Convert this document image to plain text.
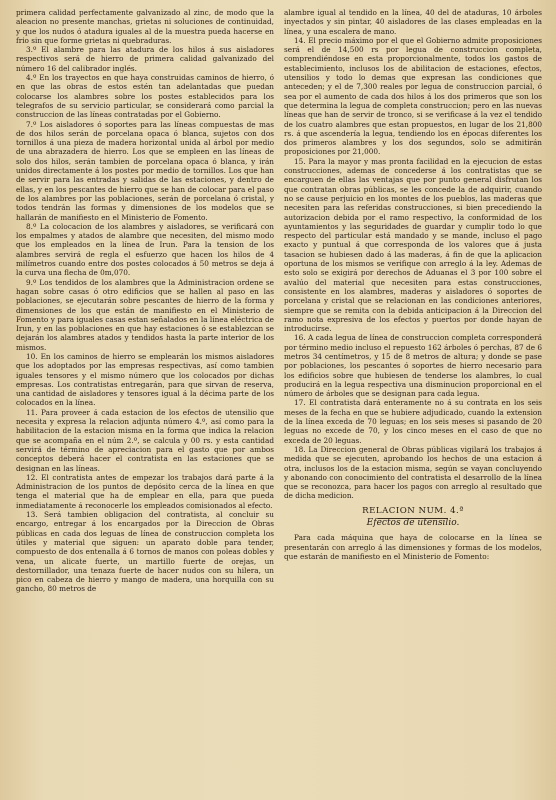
primera calidad perfectamente galvanizado al zinc, de modo que la aleacion no presente manchas, grietas ni soluciones de continuidad, y que los nudos ó atadura iguales al de la muestra pueda hacerse en frio sin que forme grietas ni quebraduras.

3.º El alambre para las atadura de los hilos á sus aisladores respectivos será de hierro de primera calidad galvanizado del número 16 del calibrador inglés.

4.º En los trayectos en que haya construidas caminos de hierro, ó en que las obras de estos estén tan adelantadas que puedan colocarse los alambres sobre los postes establecidos para los telegrafos de su servicio particular, se considerará como parcial la construccion de las líneas contratadas por el Gobierno.

7.º Los aisladores ó soportes para las líneas compuestas de mas de dos hilos serán de porcelana opaca ó blanca, sujetos con dos tornillos á una pieza de madera horizontal unida al árbol por medio de una abrazadera de hierro. Los que se empleen en las líneas de solo dos hilos, serán tambien de porcelana opaca ó blanca, y irán unidos directamente á los postes por medio de tornillos. Los que han de servir para las entradas y salidas de las estaciones, y dentro de ellas, y en los pescantes de hierro que se han de colocar para el paso de los alambres por las poblaciones, serán de porcelana ó cristal, y todos tendrán las formas y dimensiones de los modelos que se hallarán de manifiesto en el Ministerio de Fomento.

8.º La colocacion de los alambres y aisladores, se verificará con los empalmes y atados de alambre que necesiten, del mismo modo que los empleados en la línea de Irun. Para la tension de los alambres servirá de regla el esfuerzo que hacen los hilos de 4 milímetros cuando entre dos postes colocados á 50 metros se deja á la curva una flecha de 0m,070.

9.º Los tendidos de los alambres que la Administracion ordene se hagan sobre casas ó otro edificios que se hallen al paso en las poblaciones, se ejecutarán sobre pescantes de hierro de la forma y dimensiones de los que están de manifiesto en el Ministerio de Fomento y para iguales casas estan señalados en la línea eléctrica de Irun, y en las poblaciones en que hay estaciones ó se establezcan se dejarán los alambres atados y tendidos hasta la parte interior de los mismos.

10. En los caminos de hierro se emplearán los mismos aisladores que los adoptados por las empresas respectivas, así como tambien iguales tensores y el mismo número que los colocados por dichas empresas. Los contratistas entregarán, para que sirvan de reserva, una cantidad de aisladores y tensores igual á la décima parte de los colocados en la línea.

11. Para proveer á cada estacion de los efectos de utensilio que necesita y expresa la relacion adjunta número 4.º, así como para la habilitacion de la estacion misma en la forma que indica la relacion que se acompaña en el núm 2.º, se calcula y 00 rs. y esta cantidad servirá de término de apreciacion para el gasto que por ambos conceptos deberá hacer el contratista en las estaciones que se designan en las líneas.

12. El contratista antes de empezar los trabajos dará parte á la Administracion de los puntos de depósito cerca de la línea en que tenga el material que ha de emplear en ella, para que pueda inmediatamente á reconocerle los empleados comisionados al efecto.

13. Será tambien obligacion del contratista, al concluir su encargo, entregar á los encargados por la Direccion de Obras públicas en cada dos leguas de línea de construccion completa los útiles y material que siguen: un aparato doble para tender, compuesto de dos entenalla á 6 tornos de manos con poleas dobles y vena, un alicate fuerte, un martillo fuerte de orejas, un destornillador, una tenaza fuerte de hacer nudos con su hilera, un pico en cabeza de hierro y mango de madera, una horquilla con su gancho, 80 metros de

alambre igual al tendido en la línea, 40 del de ataduras, 10 árboles inyectados y sin pintar, 40 aisladores de las clases empleadas en la línea, y una escalera de mano.

14. El precio máximo por el que el Gobierno admite proposiciones será el de 14,500 rs por legua de construccion completa, comprendiéndose en esta proporcionalmente, todos los gastos de establecimiento, inclusos los de abilitacion de estaciones, efectos, utensilios y todo lo demas que expresan las condiciones que anteceden; y el de 7,300 reales por legua de construccion parcial, ó sea por el aumento de cada dos hilos á los dos primeros que son los que determina la legua de completa construccion; pero en las nuevas líneas que han de servir de tronco, si se verificase á la vez el tendido de los cuatro alambres que estan propuestos, en lugar de los 21,800 rs. á que ascendería la legua, tendiendo los en épocas diferentes los dos primeros alambres y los dos segundos, solo se admitirán proposiciones por 21,000.

15. Para la mayor y mas pronta facilidad en la ejecucion de estas construcciones, ademas de concederse á los contratistas que se encarguen de ellas las ventajas que por punto general disfrutan los que contratan obras públicas, se les concede la de adquirir, cuando no se cause perjuicio en los montes de los pueblos, las maderas que necesiten para las referidas construcciones, si bien precediendo la autorizacion debida por el ramo respectivo, la conformidad de los ayuntamientos y las seguridades de guardar y cumplir todo lo que respecto del particular está mandado y se mande, incluso el pago exacto y puntual á que corresponda de los valores que á justa tasacion se hubiesen dado á las maderas, á fin de que la aplicacion oportuna de los mismos se verifique con arreglo á la ley. Ademas de esto solo se exigirá por derechos de Aduanas el 3 por 100 sobre el avalúo del material que necesiten para estas construcciones, consistente en los alambres, maderas y aisladores ó soportes de porcelana y cristal que se relacionan en las condiciones anteriores, siempre que se remita con la debida anticipacion á la Direccion del ramo nota expresiva de los efectos y puertos por donde hayan de introducirse.

16. A cada legua de línea de construccion completa corresponderá por término medio incluso el repuesto 162 árboles ó perchas, 87 de 6 metros 34 centímetros, y 15 de 8 metros de altura; y donde se pase por poblaciones, los pescantes ó soportes de hierro necesario para los edificios sobre que hubiesen de tenderse los alambres, lo cual producirá en la legua respectiva una disminucion proporcional en el número de árboles que se designan para cada legua.

17. El contratista dará enteramente no á su contrata en los seis meses de la fecha en que se hubiere adjudicado, cuando la extension de la línea exceda de 70 leguas; en los seis meses si pasando de 20 leguas no excede de 70, y los cinco meses en el caso de que no exceda de 20 leguas.

18. La Direccion general de Obras públicas vigilará los trabajos á medida que se ejecuten, aprobando los hechos de una estacion á otra, inclusos los de la estacion misma, según se vayan concluyendo y abonando con conocimiento del contratista el desarrollo de la línea que se reconozca, para hacer los pagos con arreglo al resultado que de dicha medicion.

RELACION NUM. 4.ª
Efectos de utensilio.

Para cada máquina que haya de colocarse en la línea se presentarán con arreglo á las dimensiones y formas de los modelos, que estarán de manifiesto en el Ministerio de Fomento:
